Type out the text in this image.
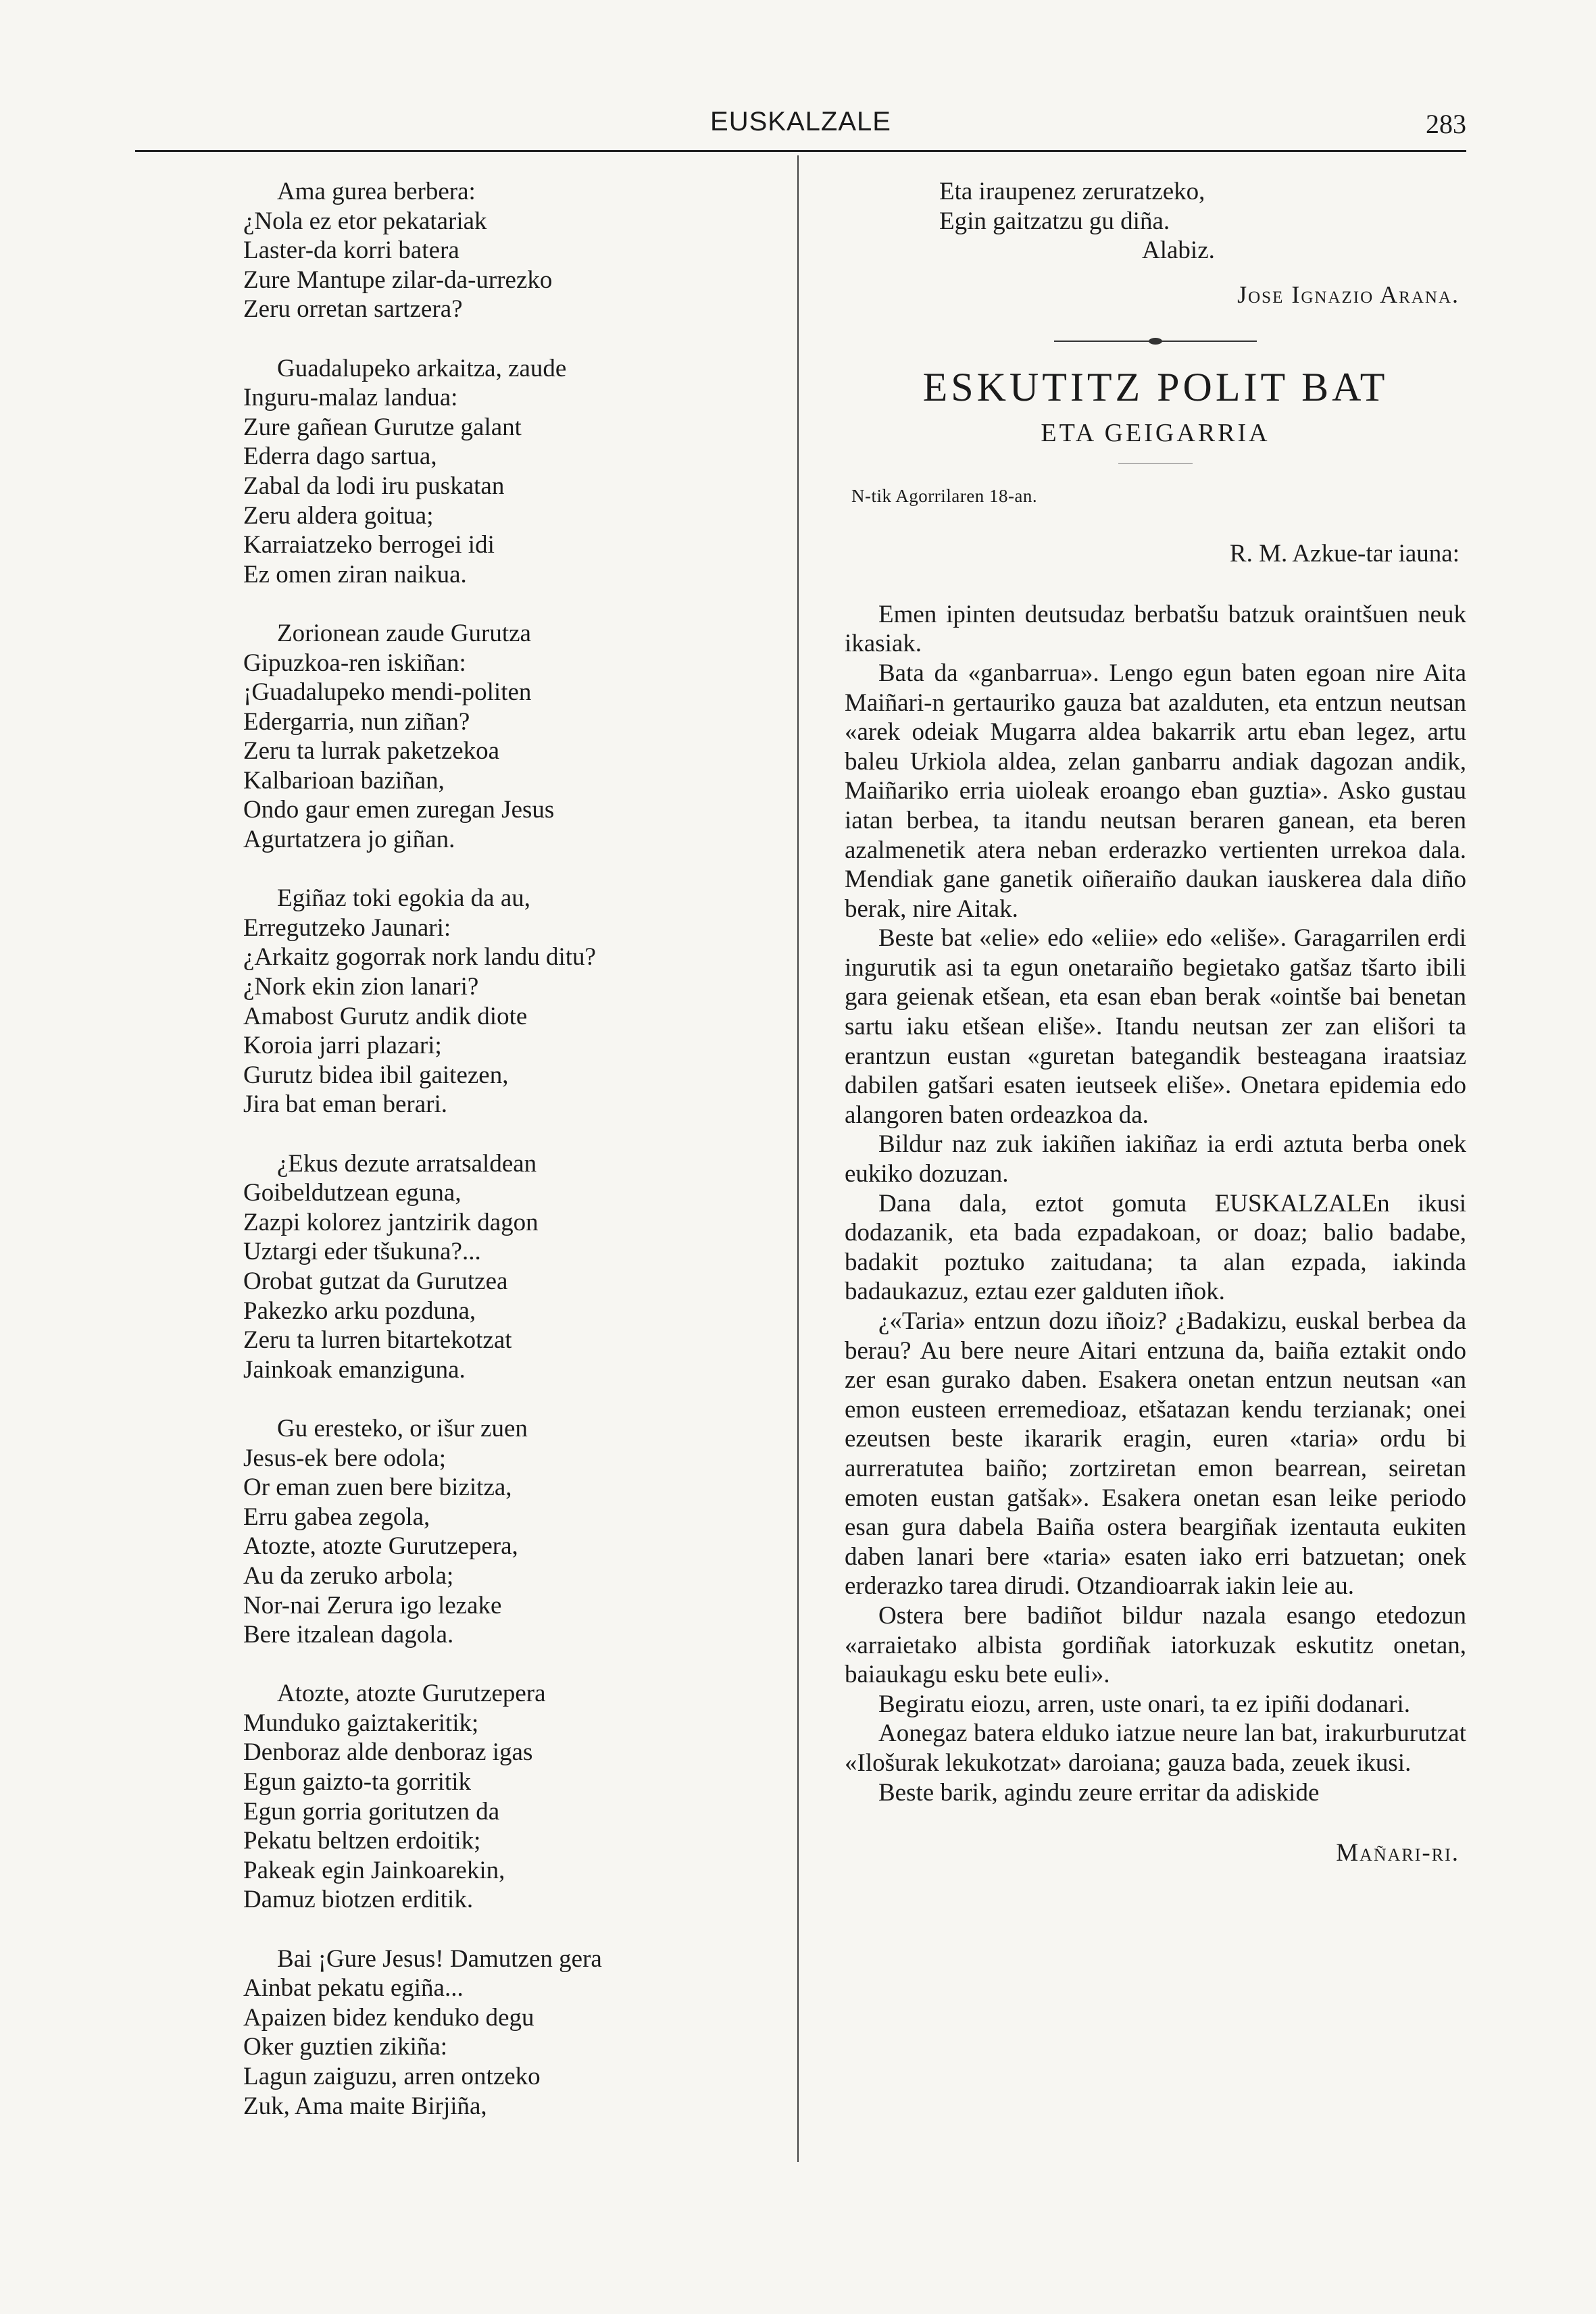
EUSKALZALE	283
Ama gurea berbera:
¿Nola ez etor pekatariak
Laster-da korri batera
Zure Mantupe zilar-da-urrezko
Zeru orretan sartzera?
Guadalupeko arkaitza, zaude
Inguru-malaz landua:
Zure gañean Gurutze galant
Ederra dago sartua,
Zabal da lodi iru puskatan
Zeru aldera goitua;
Karraiatzeko berrogei idi
Ez omen ziran naikua.
Zorionean zaude Gurutza
Gipuzkoa-ren iskiñan:
¡Guadalupeko mendi-politen
Edergarria, nun ziñan?
Zeru ta lurrak paketzekoa
Kalbarioan baziñan,
Ondo gaur emen zuregan Jesus
Agurtatzera jo giñan.
Egiñaz toki egokia da au,
Erregutzeko Jaunari:
¿Arkaitz gogorrak nork landu ditu?
¿Nork ekin zion lanari?
Amabost Gurutz andik diote
Koroia jarri plazari;
Gurutz bidea ibil gaitezen,
Jira bat eman berari.
¿Ekus dezute arratsaldean
Goibeldutzean eguna,
Zazpi kolorez jantzirik dagon
Uztargi eder tšukuna?...
Orobat gutzat da Gurutzea
Pakezko arku pozduna,
Zeru ta lurren bitartekotzat
Jainkoak emanziguna.
Gu eresteko, or išur zuen
Jesus-ek bere odola;
Or eman zuen bere bizitza,
Erru gabea zegola,
Atozte, atozte Gurutzepera,
Au da zeruko arbola;
Nor-nai Zerura igo lezake
Bere itzalean dagola.
Atozte, atozte Gurutzepera
Munduko gaiztakeritik;
Denboraz alde denboraz igas
Egun gaizto-ta gorritik
Egun gorria goritutzen da
Pekatu beltzen erdoitik;
Pakeak egin Jainkoarekin,
Damuz biotzen erditik.
Bai ¡Gure Jesus! Damutzen gera
Ainbat pekatu egiña...
Apaizen bidez kenduko degu
Oker guztien zikiña:
Lagun zaiguzu, arren ontzeko
Zuk, Ama maite Birjiña,
Eta iraupenez zeruratzeko,
Egin gaitzatzu gu diña.
Alabiz.
Jose Ignazio Arana.
ESKUTITZ POLIT BAT
ETA GEIGARRIA
N-tik Agorrilaren 18-an.
R. M. Azkue-tar iauna:

Emen ipinten deutsudaz berbatšu batzuk oraintšuen neuk ikasiak.

Bata da «ganbarrua». Lengo egun baten egoan nire Aita Maiñari-n gertauriko gauza bat azalduten, eta entzun neutsan «arek odeiak Mugarra aldea bakarrik artu eban legez, artu baleu Urkiola aldea, zelan ganbarru andiak dagozan andik, Maiñariko erria uioleak eroango eban guztia». Asko gustau iatan berbea, ta itandu neutsan beraren ganean, eta beren azalmenetik atera neban erderazko vertienten urrekoa dala. Mendiak gane ganetik oiñeraiño daukan iauskerea dala diño berak, nire Aitak.

Beste bat «elie» edo «eliie» edo «elišе». Garagarrilen erdi ingurutik asi ta egun onetaraiño begietako gatšaz tšarto ibili gara geienak etšean, eta esan eban berak «ointšе bai benetan sartu iaku etšean elišе». Itandu neutsan zer zan elišori ta erantzun eustan «guretan bategandik besteagana iraatsiaz dabilen gatšari esaten ieutseek elišе». Onetara epidemia edo alangoren baten ordeazkoa da.

Bildur naz zuk iakiñen iakiñaz ia erdi aztuta berba onek eukiko dozuzan.

Dana dala, eztot gomuta EUSKALZALEn ikusi dodazanik, eta bada ezpadakoan, or doaz; balio badabe, badakit poztuko zaitudana; ta alan ezpada, iakinda badaukazuz, eztau ezer galduten iñok.

¿«Taria» entzun dozu iñoiz? ¿Badakizu, euskal berbea da berau? Au bere neure Aitari entzuna da, baiña eztakit ondo zer esan gurako daben. Esakera onetan entzun neutsan «an emon eusteen erremedioaz, etšatazan kendu terzianak; onei ezeutsen beste ikararik eragin, euren «taria» ordu bi aurreratutea baiño; zortziretan emon bearrean, seiretan emoten eustan gatšak». Esakera onetan esan leike periodo esan gura dabela Baiña ostera beargiñak izentauta eukiten daben lanari bere «taria» esaten iako erri batzuetan; onek erderazko tarea dirudi. Otzandioarrak iakin leie au.

Ostera bere badiñot bildur nazala esango etedozun «arraietako albista gordiñak iatorkuzak eskutitz onetan, baiaukagu esku bete euli».

Begiratu eiozu, arren, uste onari, ta ez ipiñi dodanari.

Aonegaz batera elduko iatzue neure lan bat, irakurburutzat «Ilošurak lekukotzat» daroiana; gauza bada, zeuek ikusi.

Beste barik, agindu zeure erritar da adiskide

Mañari-ri.
